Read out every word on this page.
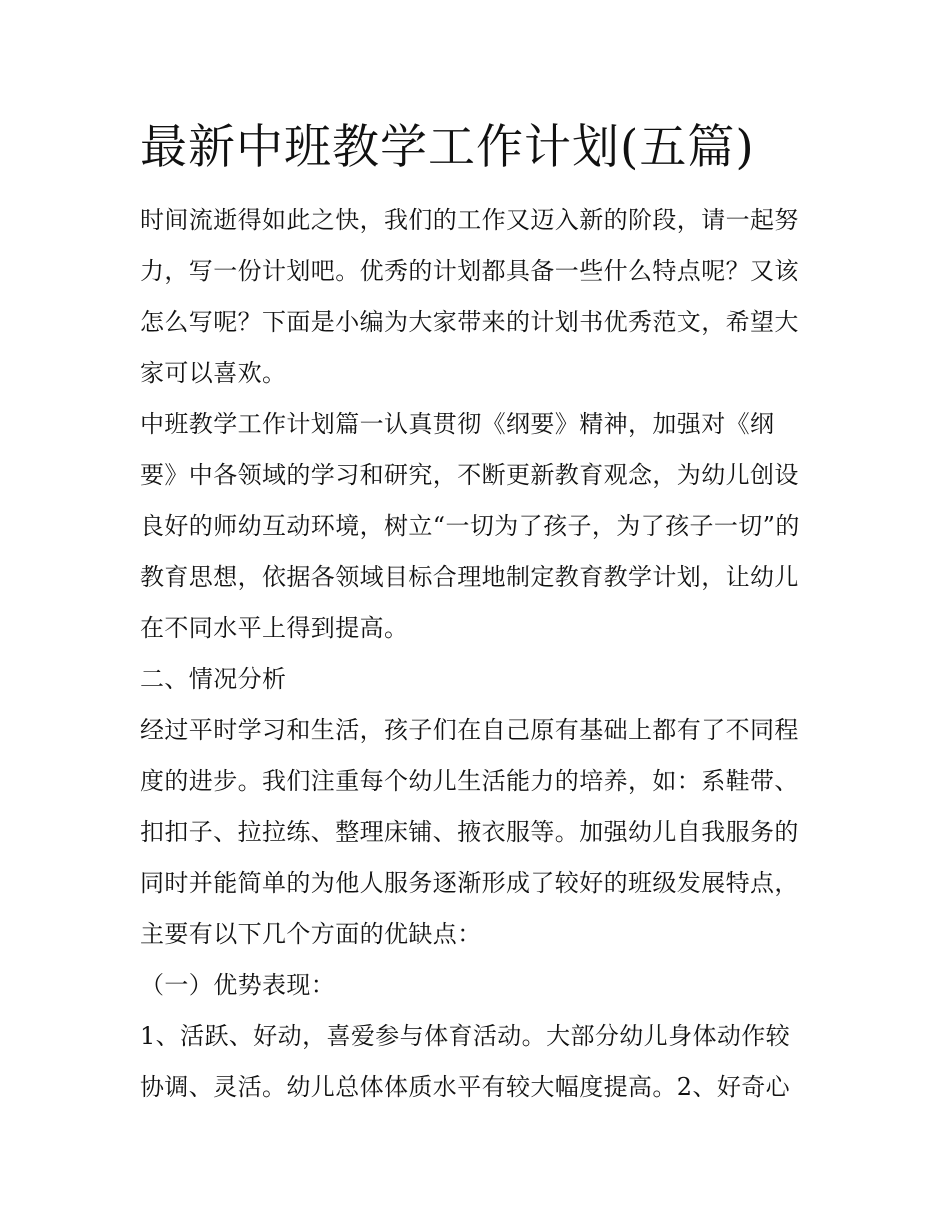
最新中班教学工作计划(五篇)
时间流逝得如此之快，我们的工作又迈入新的阶段，请一起努
力，写一份计划吧。优秀的计划都具备一些什么特点呢？又该
怎么写呢？下面是小编为大家带来的计划书优秀范文，希望大
家可以喜欢。
中班教学工作计划篇一认真贯彻《纲要》精神，加强对《纲
要》中各领域的学习和研究，不断更新教育观念，为幼儿创设
良好的师幼互动环境，树立“一切为了孩子，为了孩子一切”的
教育思想，依据各领域目标合理地制定教育教学计划，让幼儿
在不同水平上得到提高。
二、情况分析
经过平时学习和生活，孩子们在自己原有基础上都有了不同程
度的进步。我们注重每个幼儿生活能力的培养，如：系鞋带、
扣扣子、拉拉练、整理床铺、掖衣服等。加强幼儿自我服务的
同时并能简单的为他人服务逐渐形成了较好的班级发展特点，
主要有以下几个方面的优缺点：
（一）优势表现：
1、活跃、好动，喜爱参与体育活动。大部分幼儿身体动作较
协调、灵活。幼儿总体体质水平有较大幅度提高。2、好奇心
